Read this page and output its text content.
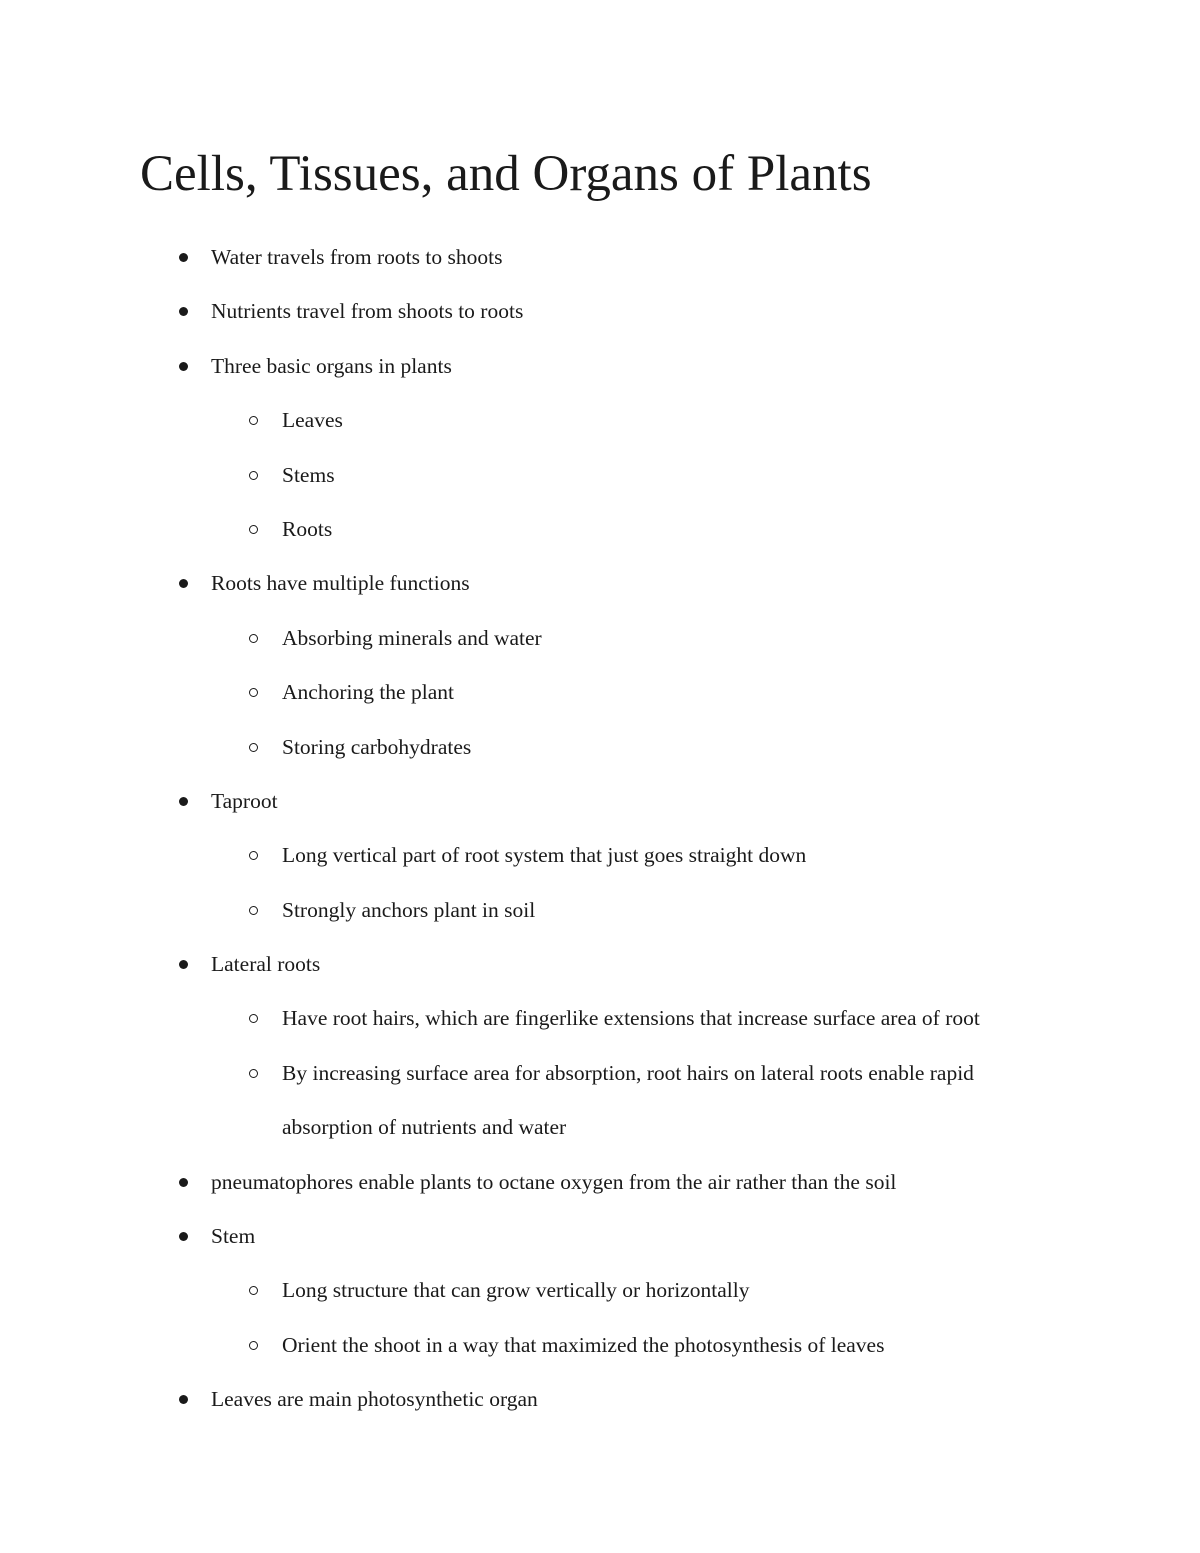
Cells, Tissues, and Organs of Plants
Water travels from roots to shoots
Nutrients travel from shoots to roots
Three basic organs in plants
Leaves
Stems
Roots
Roots have multiple functions
Absorbing minerals and water
Anchoring the plant
Storing carbohydrates
Taproot
Long vertical part of root system that just goes straight down
Strongly anchors plant in soil
Lateral roots
Have root hairs, which are fingerlike extensions that increase surface area of root
By increasing surface area for absorption, root hairs on lateral roots enable rapid
absorption of nutrients and water
pneumatophores enable plants to octane oxygen from the air rather than the soil
Stem
Long structure that can grow vertically or horizontally
Orient the shoot in a way that maximized the photosynthesis of leaves
Leaves are main photosynthetic organ
